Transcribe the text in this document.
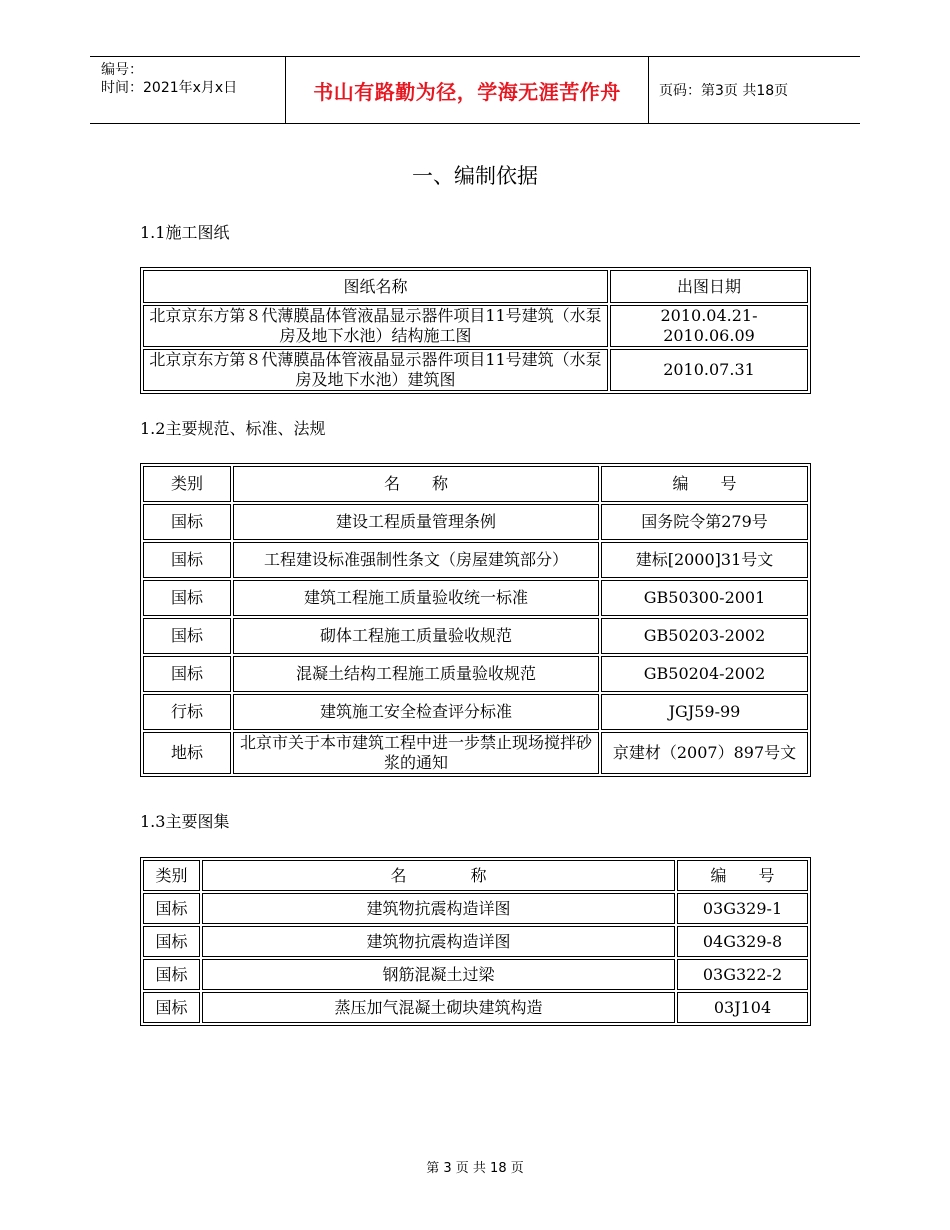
编号：
时间：2021年x月x日	书山有路勤为径，学海无涯苦作舟	页码：第3页 共18页
一、编制依据
1.1施工图纸
图纸名称	出图日期
北京京东方第８代薄膜晶体管液晶显示器件项目11号建筑（水泵房及地下水池）结构施工图	2010.04.21-2010.06.09
北京京东方第８代薄膜晶体管液晶显示器件项目11号建筑（水泵房及地下水池）建筑图	2010.07.31
1.2主要规范、标准、法规
类别	名　　称	编　　号
国标	建设工程质量管理条例	国务院令第279号
国标	工程建设标准强制性条文（房屋建筑部分）	建标[2000]31号文
国标	建筑工程施工质量验收统一标准	GB50300-2001
国标	砌体工程施工质量验收规范	GB50203-2002
国标	混凝土结构工程施工质量验收规范	GB50204-2002
行标	建筑施工安全检查评分标准	JGJ59-99
地标	北京市关于本市建筑工程中进一步禁止现场搅拌砂浆的通知	京建材（2007）897号文
1.3主要图集
类别	名　　　　称	编　　号
国标	建筑物抗震构造详图	03G329-1
国标	建筑物抗震构造详图	04G329-8
国标	钢筋混凝土过梁	03G322-2
国标	蒸压加气混凝土砌块建筑构造	03J104
第 3 页 共 18 页
